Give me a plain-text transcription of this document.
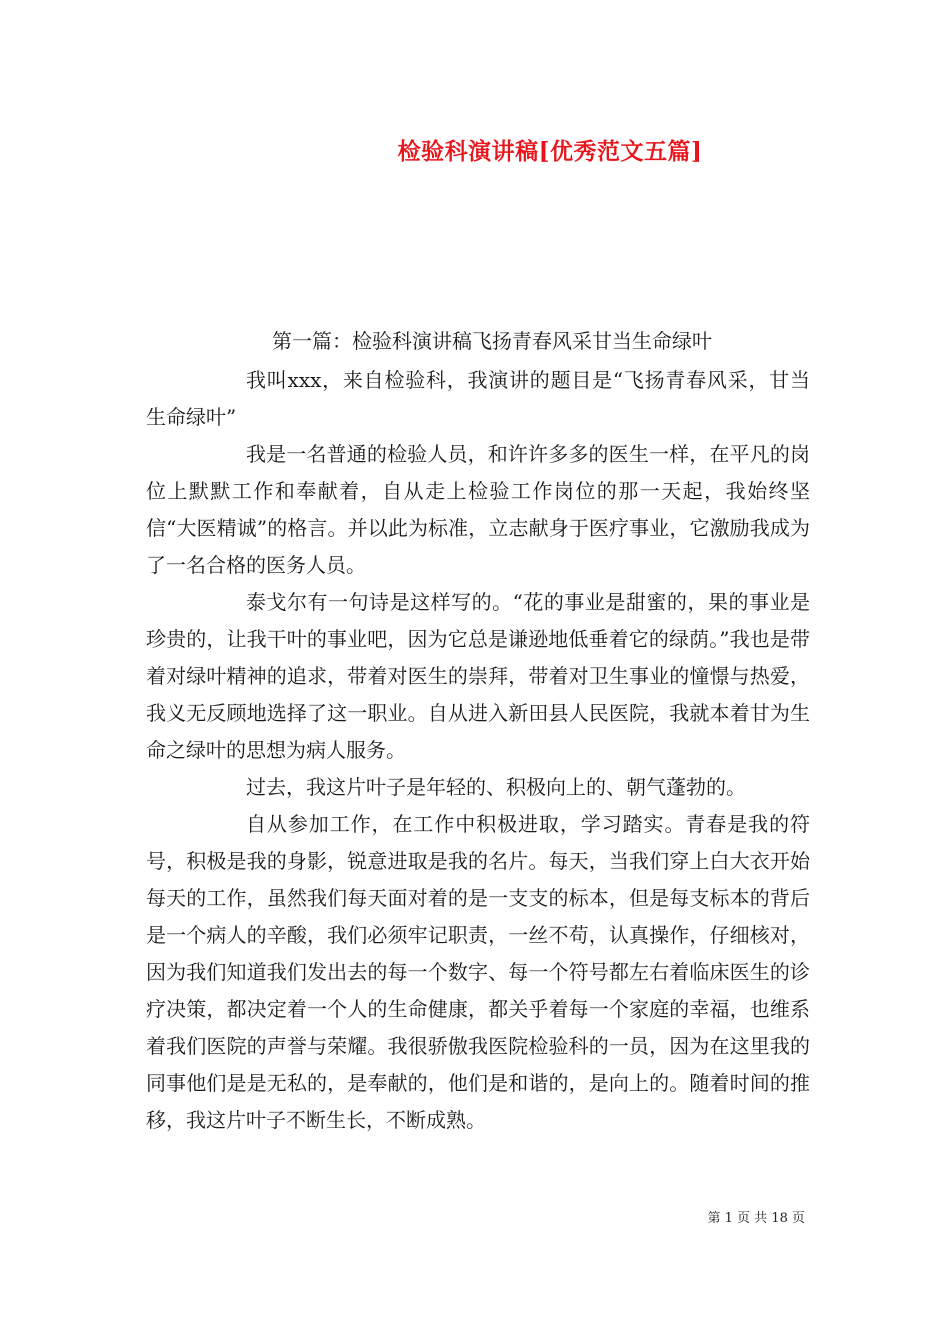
检验科演讲稿[优秀范文五篇]
第一篇：检验科演讲稿飞扬青春风采甘当生命绿叶

我叫xxx，来自检验科，我演讲的题目是“飞扬青春风采，甘当生命绿叶”

我是一名普通的检验人员，和许许多多的医生一样，在平凡的岗位上默默工作和奉献着，自从走上检验工作岗位的那一天起，我始终坚信“大医精诚”的格言。并以此为标准，立志献身于医疗事业，它激励我成为了一名合格的医务人员。

泰戈尔有一句诗是这样写的。“花的事业是甜蜜的，果的事业是珍贵的，让我干叶的事业吧，因为它总是谦逊地低垂着它的绿荫。”我也是带着对绿叶精神的追求，带着对医生的崇拜，带着对卫生事业的憧憬与热爱，我义无反顾地选择了这一职业。自从进入新田县人民医院，我就本着甘为生命之绿叶的思想为病人服务。

过去，我这片叶子是年轻的、积极向上的、朝气蓬勃的。

自从参加工作，在工作中积极进取，学习踏实。青春是我的符号，积极是我的身影，锐意进取是我的名片。每天，当我们穿上白大衣开始每天的工作，虽然我们每天面对着的是一支支的标本，但是每支标本的背后是一个病人的辛酸，我们必须牢记职责，一丝不苟，认真操作，仔细核对，因为我们知道我们发出去的每一个数字、每一个符号都左右着临床医生的诊疗决策，都决定着一个人的生命健康，都关乎着每一个家庭的幸福，也维系着我们医院的声誉与荣耀。我很骄傲我医院检验科的一员，因为在这里我的同事他们是是无私的，是奉献的，他们是和谐的，是向上的。随着时间的推移，我这片叶子不断生长，不断成熟。

第 1 页 共 18 页
